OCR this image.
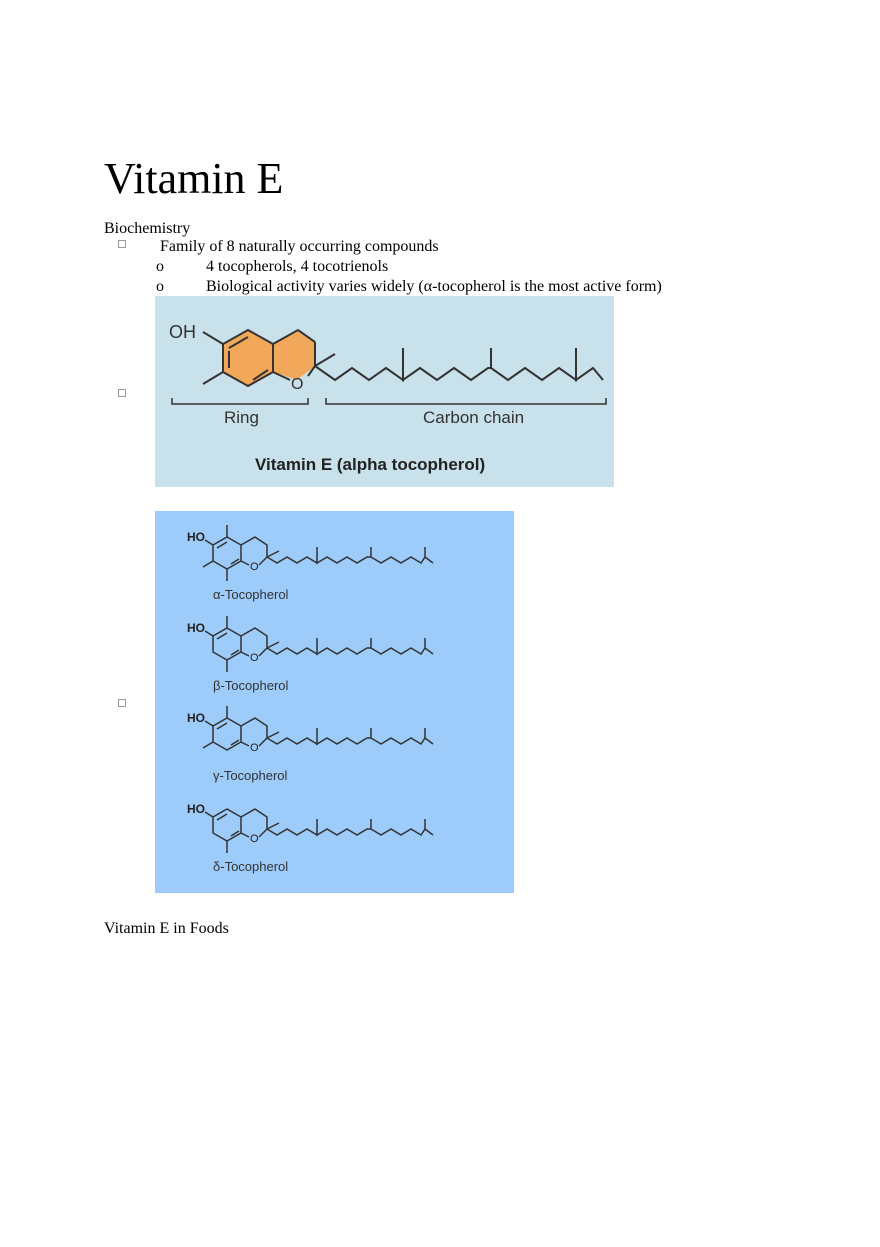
Vitamin E
Biochemistry
Family of 8 naturally occurring compounds
o	4 tocopherols, 4 tocotrienols
o	Biological activity varies widely (α-tocopherol is the most active form)
OH
O
Ring	Carbon chain
Vitamin E (alpha tocopherol)
HO
O
HO
O
HO
O
HO
O
α-Tocopherol
β-Tocopherol
γ-Tocopherol
δ-Tocopherol
Vitamin E in Foods
